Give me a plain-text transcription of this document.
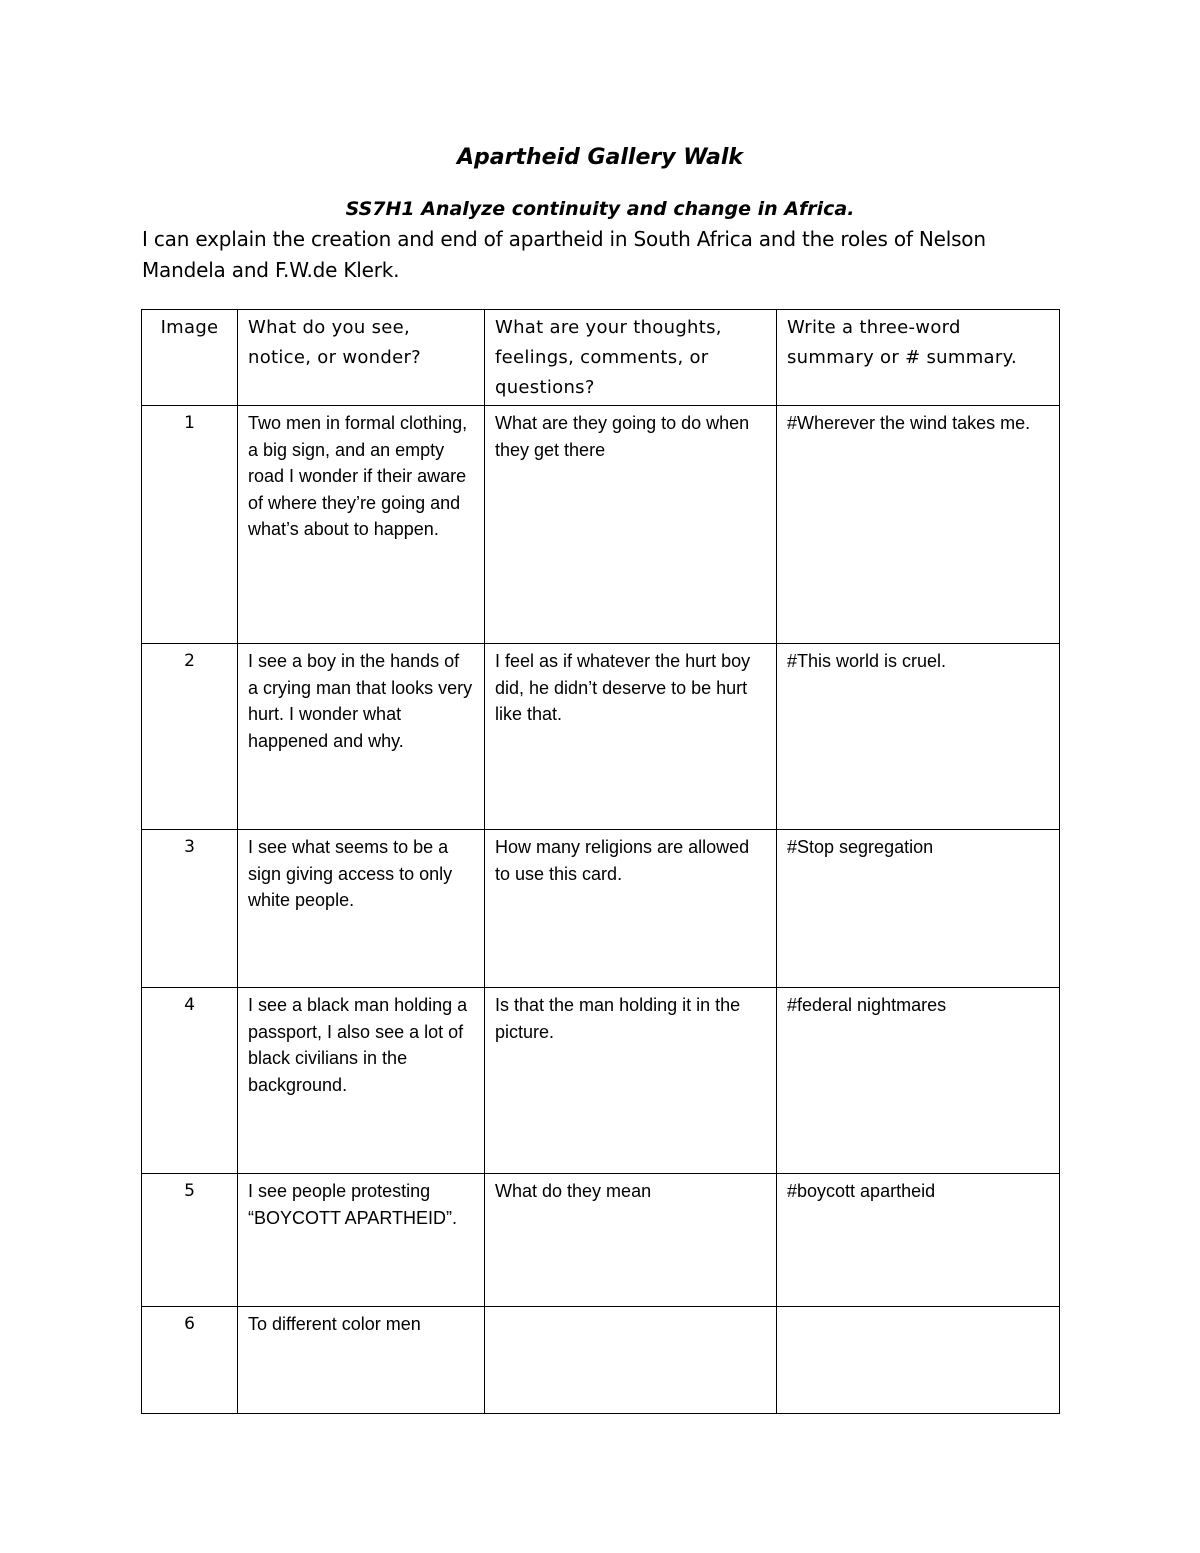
Apartheid Gallery Walk
SS7H1 Analyze continuity and change in Africa.
I can explain the creation and end of apartheid in South Africa and the roles of Nelson Mandela and F.W.de Klerk.
Image	What do you see, notice, or wonder?	What are your thoughts, feelings, comments, or questions?	Write a three-word summary or # summary.

1	Two men in formal clothing, a big sign, and an empty road I wonder if their aware of where they’re going and what’s about to happen.	What are they going to do when they get there	#Wherever the wind takes me.

2	I see a boy in the hands of a crying man that looks very hurt. I wonder what happened and why.	I feel as if whatever the hurt boy did, he didn’t deserve to be hurt like that.	#This world is cruel.

3	I see what seems to be a sign giving access to only white people.	How many religions are allowed to use this card.	#Stop segregation

4	I see a black man holding a passport, I also see a lot of black civilians in the background.	Is that the man holding it in the picture.	#federal nightmares

5	I see people protesting “BOYCOTT APARTHEID”.	What do they mean	#boycott apartheid

6	To different color men		
